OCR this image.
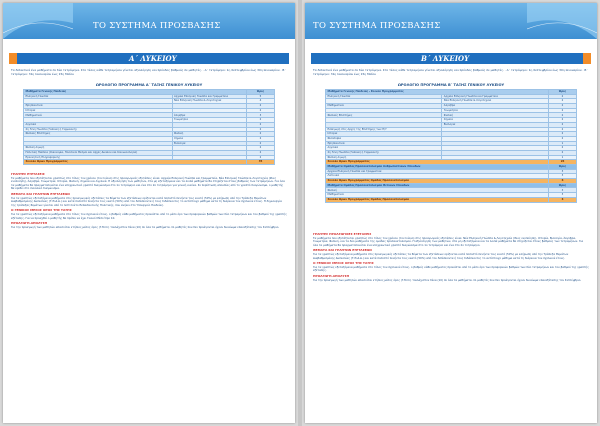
ΤΟ ΣΥΣΤΗΜΑ ΠΡΟΣΒΑΣΗΣ
Α΄ ΛΥΚΕΙΟΥ
Τα διδακτικά ένα μαθήματα σε δύο τετράμηνα. Στο τέλος κάθε τετραμήνου γίνεται αξιολόγηση και πρόοδος βαθμούς σε μαθητές. · Α΄ τετράμηνο: 1η Σεπτεμβρίου έως 30η Ιανουαρίου · Β΄ τετράμηνο: 31η Ιανουαρίου έως 15η Μαΐου
ΩΡΟΛΟΓΙΟ ΠΡΟΓΡΑΜΜΑ Α΄ ΤΑΞΗΣ ΓΕΝΙΚΟΥ ΛΥΚΕΙΟΥ
Μαθήματα Γενικής Παιδείας		Ώρες
Ελληνική Γλώσσα	Αρχαία Ελληνική Γλώσσα και Γραμματεία	5
	Νέα Ελληνική Γλώσσα & Λογοτεχνία	4
Θρησκευτικά		2
Ιστορία		2
Μαθηματικά	Άλγεβρα	3
	Γεωμετρία	2
Αγγλικά		2
2η Ξένη Γλώσσα (Γαλλική ή Γερμανική)		2
Φυσικές Επιστήμες	Φυσική	2
	Χημεία	2
	Βιολογία	2
Φυσική Αγωγή		2
Πολιτική Παιδεία (Οικονομία, Πολιτικοί Θεσμοί και Αρχές Δικαίου και Κοινωνιολογία)		2
Ερευνητική Πληροφορικής		2
Σύνολο Ωρών Προγράμματος		35

ΓΡΑΠΤΕΣ ΕΞΕΤΑΣΕΙΣ
Τα μαθήματα που εξετάζονται γραπτώς στο τέλος του χρόνου (τον Ιούνιο) στις προαγωγικές εξετάσεις είναι: Αρχαία Ελληνική Γλώσσα και Γραμματεία, Νέα Ελληνική Γλώσσα & Λογοτεχνία (Ιδιες ενοποίηση), Άλγεβρα, Γεωμετρία, Ιστορία, Φυσική, Χημεία και Αγγλικά. Η αξιολόγηση των μαθητών, στα μη εξεταζόμενα και τα λοιπά μαθήματα θα στηρίζεται στους βαθμούς των τετραμήνων. Για όλα τα μαθήματα θα πραγματοποιείται ένα υποχρεωτικό γραπτό διαγώνισμα στο 1ο τετράμηνο και ένα στο 2ο τετράμηνο για γενική εικόνα. Σε περίπτωση απουσίας από το γραπτό διαγώνισμα, ο μαθητής θα κριθεί στο συνολικό διαγώνισμα.

ΘΕΜΑΤΑ ΚΑΙ ΓΡΑΠΤΩΝ ΕΞΕΤΑΣΕΩΝ
Για τα γραπτώς εξεταζόμενα μαθήματα στις προαγωγικές εξετάσεις τα θέματα των εξετάσεων ορίζονται κατά ποσοστό πενήντα τοις εκατό (50%) με κλήρωση από την Τράπεζα Θεμάτων Διαβαθμισμένης Δυσκολίας (Τ.Θ.Δ.Δ.) και κατά ποσοστό πενήντα τοις εκατό (50%) από τον διδάσκοντα ή τους διδάσκοντες το αντίστοιχο μάθημα κατά τη διάρκεια του σχολικού έτους. Η δημιουργία της τράπεζας θεμάτων γίνεται από το Ινστιτούτο Εκπαιδευτικής Πολιτικής, που ανήκει στο Υπουργείο Παιδείας.

Ο ΓΕΝΙΚΟΣ ΜΕΣΟΣ ΟΡΟΣ ΤΗΣ ΤΑΞΗΣ
Για τα γραπτώς εξεταζόμενα μαθήματα στο τέλος του σχολικού έτους, ο βαθμός κάθε μαθήματος προκύπτει από το μέσο όρο των προφορικών βαθμών των δύο τετραμήνων και του βαθμού της γραπτής εξέτασης. Για να προαχθεί ο μαθητής θα πρέπει να έχει Γενικό Μέσο Όρο 10.

ΠΡΟΑΓΩΓΗ-ΑΠΟΛΥΣΗ
Για την προαγωγή των μαθητών απαιτείται ετήσιος μέσος όρος (Γ.Μ.Ο.) τουλάχιστον δέκα (10) σε όλα τα μαθήματα. Οι μαθητές που δεν προάγονται έχουν δικαίωμα επανεξέτασης τον Σεπτέμβριο.

ΤΟ ΣΥΣΤΗΜΑ ΠΡΟΣΒΑΣΗΣ
Β΄ ΛΥΚΕΙΟΥ
Τα διδακτικά ένα μαθήματα σε δύο τετράμηνα. Στο τέλος κάθε τετραμήνου γίνεται αξιολόγηση και πρόοδος βαθμούς σε μαθητές. · Α΄ τετράμηνο: 1η Σεπτεμβρίου έως 30η Ιανουαρίου · Β΄ τετράμηνο: 31η Ιανουαρίου έως 15η Μαΐου
ΩΡΟΛΟΓΙΟ ΠΡΟΓΡΑΜΜΑ Β΄ ΤΑΞΗΣ ΓΕΝΙΚΟΥ ΛΥΚΕΙΟΥ
Μαθήματα Γενικής Παιδείας - Κοινού Προγράμματος		Ώρες
Ελληνική Γλώσσα	Αρχαία Ελληνική Γλώσσα και Γραμματεία	2
	Νέα Ελληνική Γλώσσα & Λογοτεχνία	2
Μαθηματικά	Άλγεβρα	2
	Γεωμετρία	2
Φυσικές Επιστήμες	Φυσική	2
	Χημεία	2
	Βιολογία	2
Εισαγωγή στις Αρχές της Επιστήμης των Η/Υ		2
Ιστορία		2
Φιλοσοφία		2
Θρησκευτικά		1
Αγγλικά		2
2η Ξένη Γλώσσα (Γαλλική ή Γερμανική)		2
Φυσική Αγωγή		1
Σύνολο Ωρών Προγράμματος		26
Μαθήματα Ομάδας Προσανατολισμού Ανθρωπιστικών Σπουδών		Ώρες
Αρχαία Ελληνική Γλώσσα και Γραμματεία		3
Λατινικά		3
Σύνολο Ωρών Προγράμματος Ομάδας Προσανατολισμού		6
Μαθήματα Ομάδας Προσανατολισμού Θετικών Σπουδών		Ώρες
Φυσική		3
Μαθηματικά		3
Σύνολο Ωρών Προγράμματος Ομάδας Προσανατολισμού		6

ΓΡΑΠΤΕΣ ΠΡΟΑΓΩΓΙΚΕΣ ΕΞΕΤΑΣΕΙΣ
Τα μαθήματα που εξετάζονται γραπτώς στο τέλος του χρόνου (τον Ιούνιο) στις προαγωγικές εξετάσεις είναι: Νέα Ελληνική Γλώσσα & Λογοτεχνία (Ιδιες ενοποίηση), Ιστορία, Βιολογία, Άλγεβρα, Γεωμετρία, Φυσική, και τα δύο μαθήματα της ομάδας προσανατολισμού. Η αξιολόγηση των μαθητών, στα μη εξεταζόμενα και τα λοιπά μαθήματα θα στηρίζεται στους βαθμούς των τετραμήνων. Για όλα τα μαθήματα θα πραγματοποιείται ένα υποχρεωτικό γραπτό διαγώνισμα στο 1ο τετράμηνο και ένα στο 2ο τετράμηνο.

ΘΕΜΑΤΑ ΚΑΙ ΓΡΑΠΤΩΝ ΕΞΕΤΑΣΕΩΝ
Για τα γραπτώς εξεταζόμενα μαθήματα στις προαγωγικές εξετάσεις τα θέματα των εξετάσεων ορίζονται κατά ποσοστό πενήντα τοις εκατό (50%) με κλήρωση από την Τράπεζα Θεμάτων Διαβαθμισμένης Δυσκολίας (Τ.Θ.Δ.Δ.) και κατά ποσοστό πενήντα τοις εκατό (50%) από τον διδάσκοντα ή τους διδάσκοντες το αντίστοιχο μάθημα κατά τη διάρκεια του σχολικού έτους.

Ο ΓΕΝΙΚΟΣ ΜΕΣΟΣ ΟΡΟΣ ΤΗΣ ΤΑΞΗΣ
Για τα γραπτώς εξεταζόμενα μαθήματα στο τέλος του σχολικού έτους, ο βαθμός κάθε μαθήματος προκύπτει από το μέσο όρο των προφορικών βαθμών των δύο τετραμήνων και του βαθμού της γραπτής εξέτασης.

ΠΡΟΑΓΩΓΗ-ΑΠΟΛΥΣΗ
Για την προαγωγή των μαθητών απαιτείται ετήσιος μέσος όρος (Γ.Μ.Ο.) τουλάχιστον δέκα (10) σε όλα τα μαθήματα. Οι μαθητές που δεν προάγονται έχουν δικαίωμα επανεξέτασης τον Σεπτέμβριο.
